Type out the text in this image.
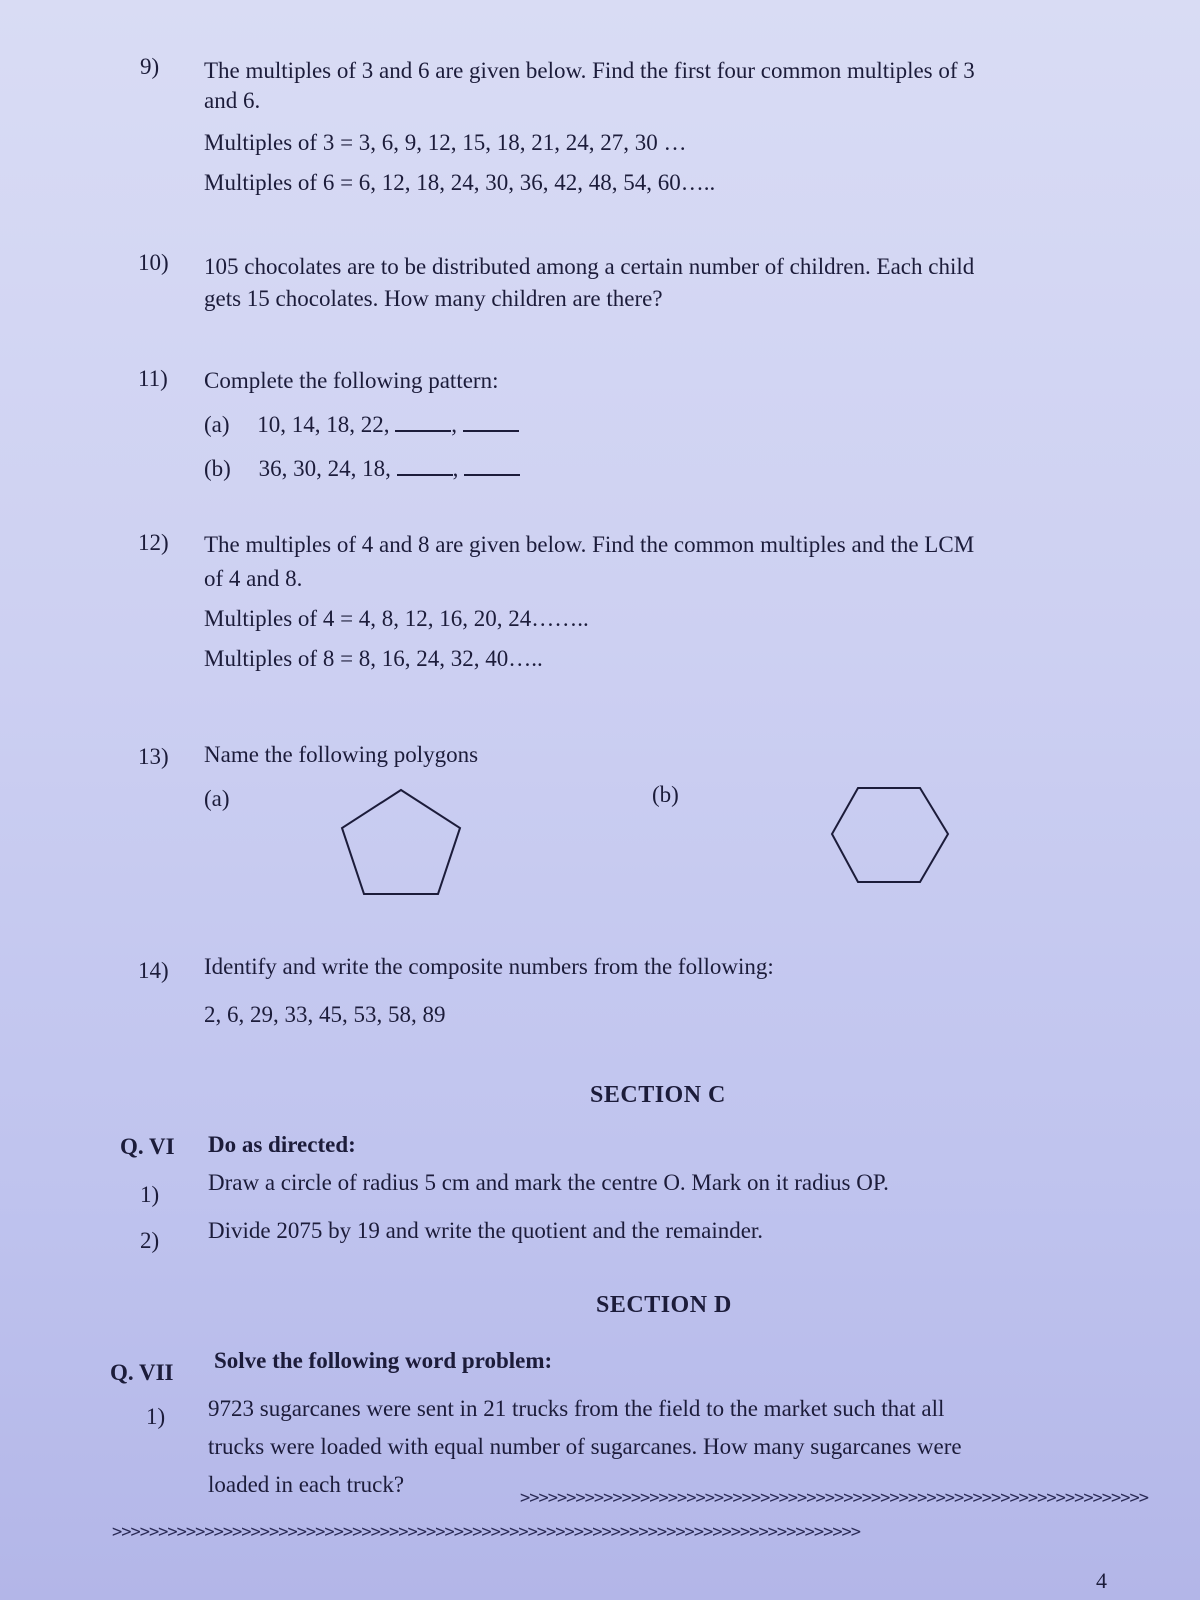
9) The multiples of 3 and 6 are given below. Find the first four common multiples of 3
and 6.
Multiples of 3 = 3, 6, 9, 12, 15, 18, 21, 24, 27, 30 …
Multiples of 6 = 6, 12, 18, 24, 30, 36, 42, 48, 54, 60…..
10) 105 chocolates are to be distributed among a certain number of children. Each child
gets 15 chocolates. How many children are there?
11) Complete the following pattern:
(a) 10, 14, 18, 22,	,
(b) 36, 30, 24, 18,	,
12) The multiples of 4 and 8 are given below. Find the common multiples and the LCM
of 4 and 8.
Multiples of 4 = 4, 8, 12, 16, 20, 24……..
Multiples of 8 = 8, 16, 24, 32, 40…..
13) Name the following polygons
(a)	(b)
14) Identify and write the composite numbers from the following:
2, 6, 29, 33, 45, 53, 58, 89
SECTION C
Q. VI Do as directed:
1) Draw a circle of radius 5 cm and mark the centre O. Mark on it radius OP.
2) Divide 2075 by 19 and write the quotient and the remainder.
SECTION D
Q. VII Solve the following word problem:
1) 9723 sugarcanes were sent in 21 trucks from the field to the market such that all
trucks were loaded with equal number of sugarcanes. How many sugarcanes were
loaded in each truck?
>>>>>>>>>>>>>>>>>>>>>>>>>>>>>>>>>>>>>>>>>>>>>>>>>>>>>>>>>>>>>>>>>>>>
>>>>>>>>>>>>>>>>>>>>>>>>>>>>>>>>>>>>>>>>>>>>>>>>>>>>>>>>>>>>>>>>>>>>>>>>>>>>>>>>>
4
